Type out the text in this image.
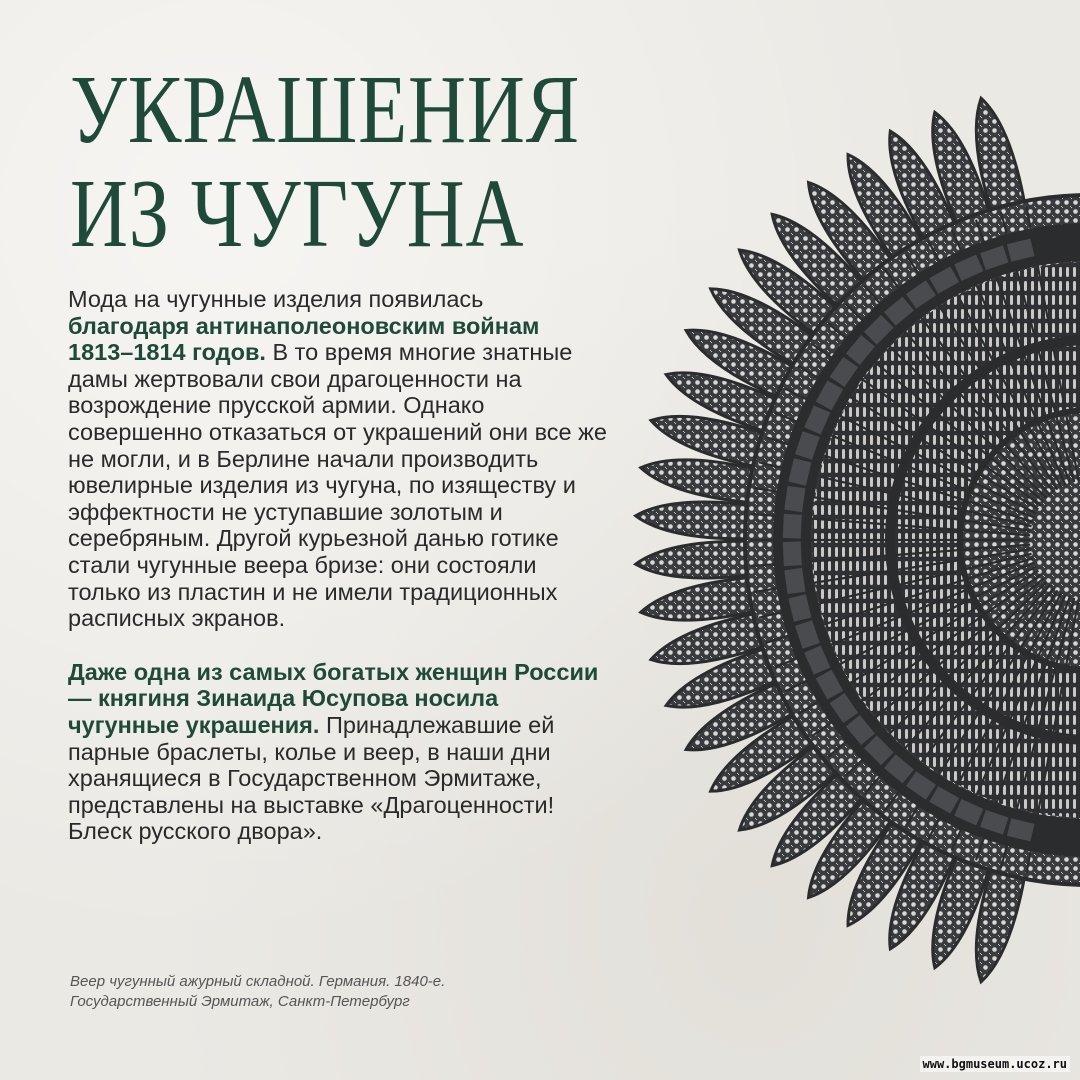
УКРАШЕНИЯ
ИЗ ЧУГУНА

Мода на чугунные изделия появилась благодаря антинаполеоновским войнам 1813–1814 годов. В то время многие знатные дамы жертвовали свои драгоценности на возрождение прусской армии. Однако совершенно отказаться от украшений они все же не могли, и в Берлине начали производить ювелирные изделия из чугуна, по изяществу и эффектности не уступавшие золотым и серебряным. Другой курьезной данью готике стали чугунные веера бризе: они состояли только из пластин и не имели традиционных расписных экранов.

Даже одна из самых богатых женщин России — княгиня Зинаида Юсупова носила чугунные украшения. Принадлежавшие ей парные браслеты, колье и веер, в наши дни хранящиеся в Государственном Эрмитаже, представлены на выставке «Драгоценности! Блеск русского двора».

Веер чугунный ажурный складной. Германия. 1840-е.
Государственный Эрмитаж, Санкт-Петербург
www.bgmuseum.ucoz.ru
